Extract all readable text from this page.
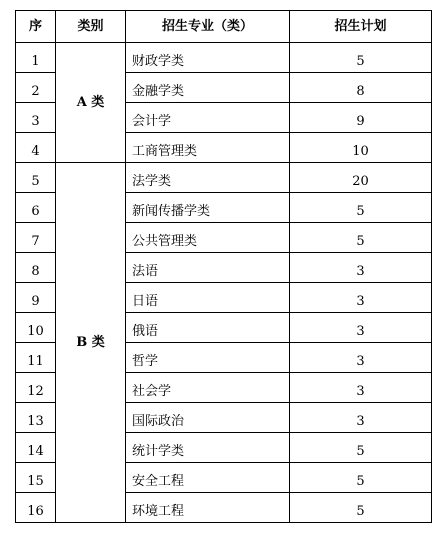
序	类别	招生专业（类）	招生计划
1	A 类	财政学类	5
2		金融学类	8
3		会计学	9
4		工商管理类	10
5	B 类	法学类	20
6		新闻传播学类	5
7		公共管理类	5
8		法语	3
9		日语	3
10		俄语	3
11		哲学	3
12		社会学	3
13		国际政治	3
14		统计学类	5
15		安全工程	5
16		环境工程	5
